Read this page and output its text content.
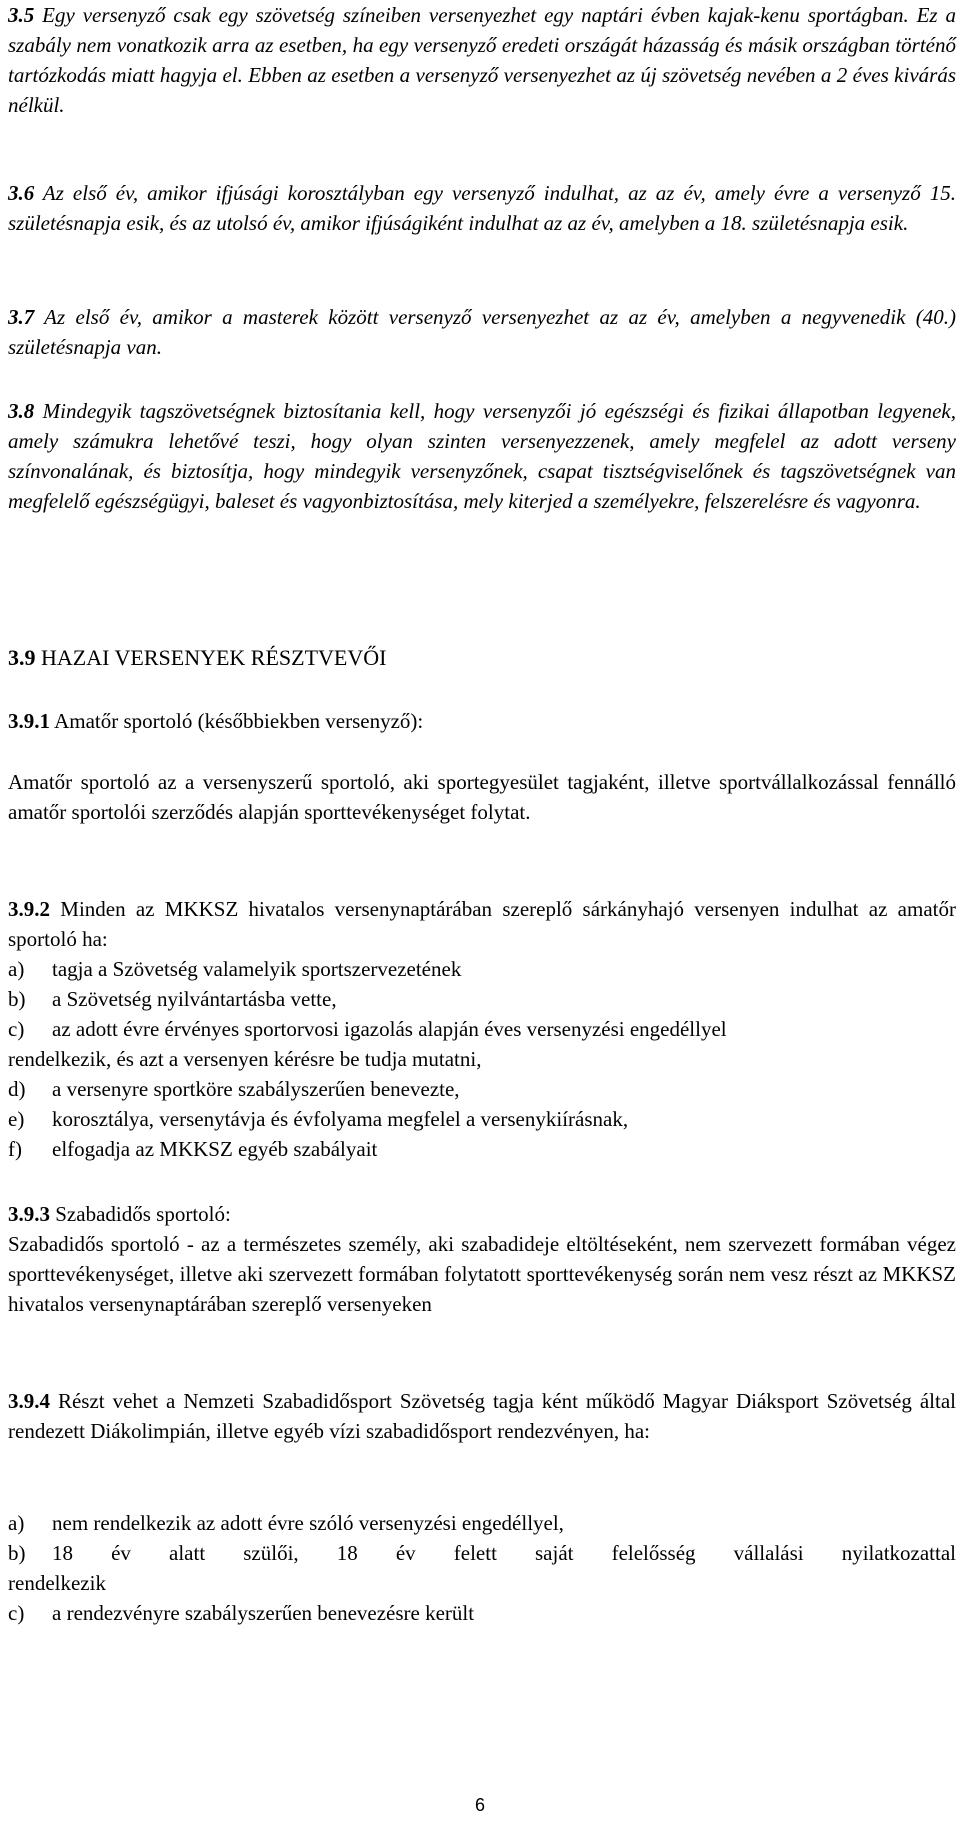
3.5 Egy versenyző csak egy szövetség színeiben versenyezhet egy naptári évben kajak-kenu sportágban. Ez a szabály nem vonatkozik arra az esetben, ha egy versenyző eredeti országát házasság és másik országban történő tartózkodás miatt hagyja el. Ebben az esetben a versenyző versenyezhet az új szövetség nevében a 2 éves kivárás nélkül.

3.6 Az első év, amikor ifjúsági korosztályban egy versenyző indulhat, az az év, amely évre a versenyző 15. születésnapja esik, és az utolsó év, amikor ifjúságiként indulhat az az év, amelyben a 18. születésnapja esik.

3.7 Az első év, amikor a masterek között versenyző versenyezhet az az év, amelyben a negyvenedik (40.) születésnapja van.

3.8 Mindegyik tagszövetségnek biztosítania kell, hogy versenyzői jó egészségi és fizikai állapotban legyenek, amely számukra lehetővé teszi, hogy olyan szinten versenyezzenek, amely megfelel az adott verseny színvonalának, és biztosítja, hogy mindegyik versenyzőnek, csapat tisztségviselőnek és tagszövetségnek van megfelelő egészségügyi, baleset és vagyonbiztosítása, mely kiterjed a személyekre, felszerelésre és vagyonra.

3.9 HAZAI VERSENYEK RÉSZTVEVŐI

3.9.1 Amatőr sportoló (későbbiekben versenyző):

Amatőr sportoló az a versenyszerű sportoló, aki sportegyesület tagjaként, illetve sportvállalkozással fennálló amatőr sportolói szerződés alapján sporttevékenységet folytat.

3.9.2 Minden az MKKSZ hivatalos versenynaptárában szereplő sárkányhajó versenyen indulhat az amatőr sportoló ha:

a) tagja a Szövetség valamelyik sportszervezetének
b) a Szövetség nyilvántartásba vette,
c) az adott évre érvényes sportorvosi igazolás alapján éves versenyzési engedéllyel
rendelkezik, és azt a versenyen kérésre be tudja mutatni,
d) a versenyre sportköre szabályszerűen benevezte,
e) korosztálya, versenytávja és évfolyama megfelel a versenykiírásnak,
f) elfogadja az MKKSZ egyéb szabályait

3.9.3 Szabadidős sportoló:

Szabadidős sportoló - az a természetes személy, aki szabadideje eltöltéseként, nem szervezett formában végez sporttevékenységet, illetve aki szervezett formában folytatott sporttevékenység során nem vesz részt az MKKSZ hivatalos versenynaptárában szereplő versenyeken

3.9.4 Részt vehet a Nemzeti Szabadidősport Szövetség tagja ként működő Magyar Diáksport Szövetség által rendezett Diákolimpián, illetve egyéb vízi szabadidősport rendezvényen, ha:

a) nem rendelkezik az adott évre szóló versenyzési engedéllyel,
b) 18 év alatt szülői, 18 év felett saját felelősség vállalási nyilatkozattal
rendelkezik
c) a rendezvényre szabályszerűen benevezésre került
6
